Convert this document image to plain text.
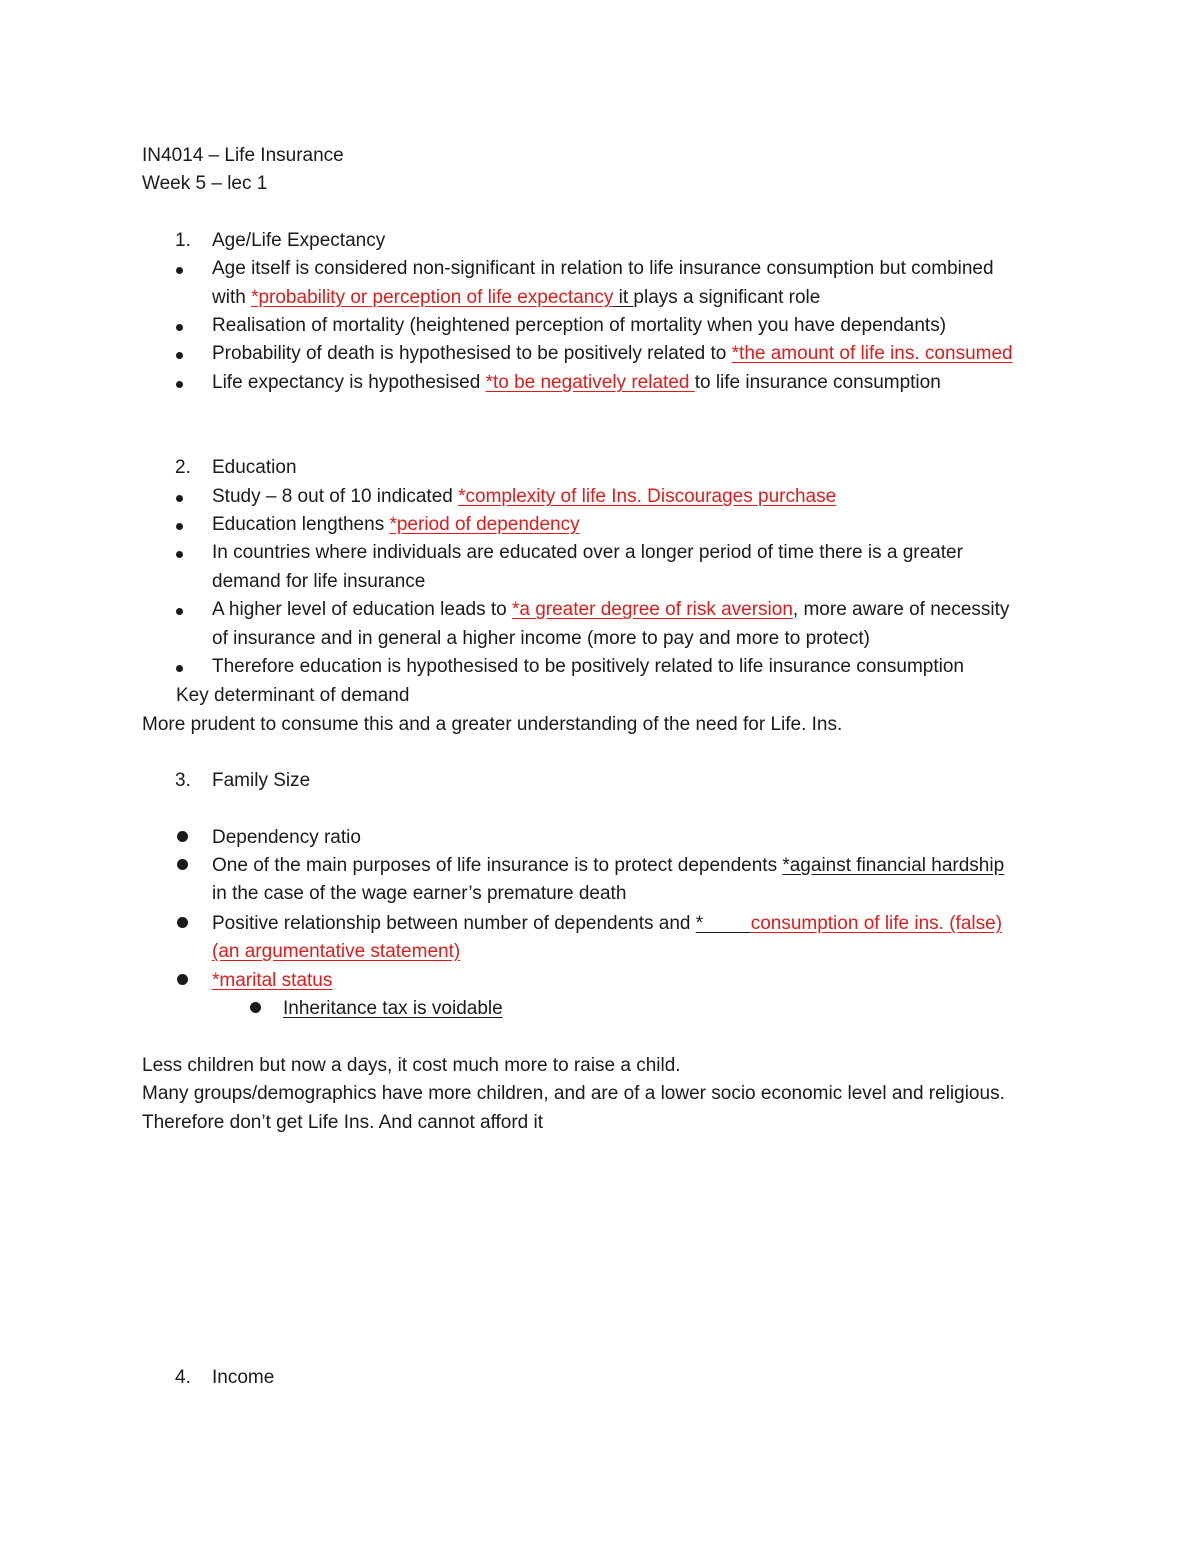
IN4014 – Life Insurance
Week 5 – lec 1
1. Age/Life Expectancy
Age itself is considered non-significant in relation to life insurance consumption but combined
with *probability or perception of life expectancy it plays a significant role
Realisation of mortality (heightened perception of mortality when you have dependants)
Probability of death is hypothesised to be positively related to *the amount of life ins. consumed
Life expectancy is hypothesised *to be negatively related to life insurance consumption
2. Education
Study – 8 out of 10 indicated *complexity of life Ins. Discourages purchase
Education lengthens *period of dependency
In countries where individuals are educated over a longer period of time there is a greater
demand for life insurance
A higher level of education leads to *a greater degree of risk aversion, more aware of necessity
of insurance and in general a higher income (more to pay and more to protect)
Therefore education is hypothesised to be positively related to life insurance consumption
Key determinant of demand
More prudent to consume this and a greater understanding of the need for Life. Ins.
3. Family Size
Dependency ratio
One of the main purposes of life insurance is to protect dependents *against financial hardship
in the case of the wage earner’s premature death
Positive relationship between number of dependents and *         consumption of life ins. (false)
(an argumentative statement)
*marital status
Inheritance tax is voidable
Less children but now a days, it cost much more to raise a child.
Many groups/demographics have more children, and are of a lower socio economic level and religious.
Therefore don’t get Life Ins. And cannot afford it
4. Income
